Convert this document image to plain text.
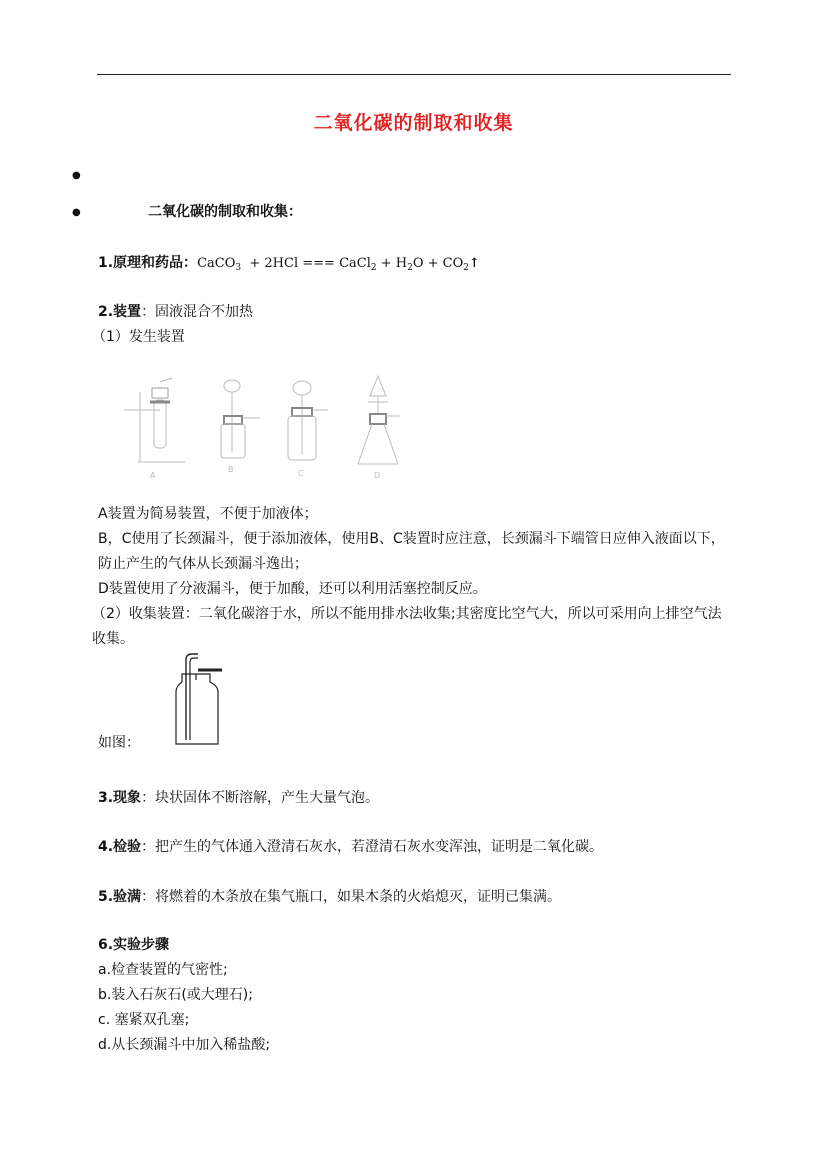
二氧化碳的制取和收集
●
●	二氧化碳的制取和收集：
1.原理和药品：CaCO$_3$ + 2HCl === CaCl$_2$ + $H_2O$ + $CO_2↑$
2.装置：固液混合不加热
（1）发生装置
A
B	C	D
A装置为简易装置，不便于加液体；
B，C使用了长颈漏斗，便于添加液体，使用B、C装置时应注意，长颈漏斗下端管日应伸入液面以下，防止产生的气体从长颈漏斗逸出；
D装置使用了分液漏斗，便于加酸，还可以利用活塞控制反应。
（2）收集装置：二氧化碳溶于水，所以不能用排水法收集;其密度比空气大，所以可采用向上排空气法收集。
如图：
3.现象：块状固体不断溶解，产生大量气泡。
4.检验：把产生的气体通入澄清石灰水，若澄清石灰水变浑浊，证明是二氧化碳。
5.验满：将燃着的木条放在集气瓶口，如果木条的火焰熄灭，证明已集满。
6.实验步骤
a.检查装置的气密性;
b.装入石灰石(或大理石);
c. 塞紧双孔塞;
d.从长颈漏斗中加入稀盐酸;
